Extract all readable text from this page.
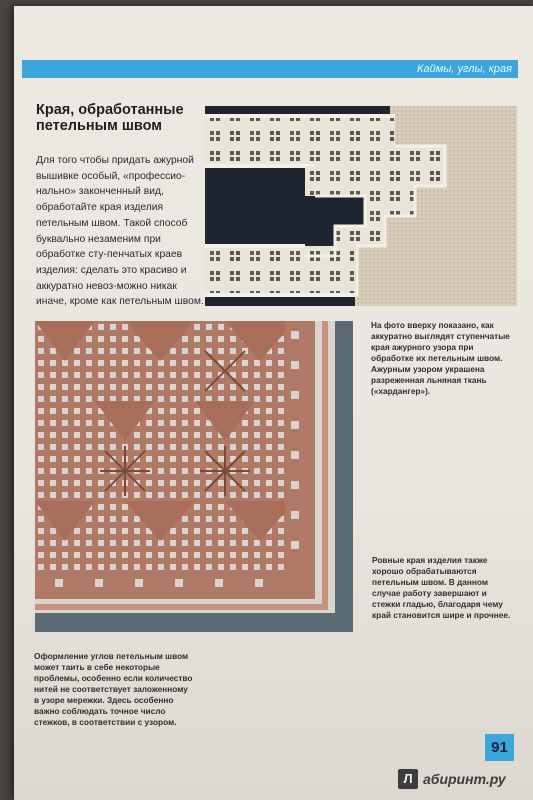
Каймы, углы, края
Края, обработанные петельным швом
Для того чтобы придать ажурной вышивке особый, «профессио-нально» законченный вид, обработайте края изделия петельным швом. Такой способ буквально незаменим при обработке сту-пенчатых краев изделия: сделать это красиво и аккуратно невоз-можно никак иначе, кроме как петельным швом.
На фото вверху показано, как аккуратно выглядят ступенчатые края ажурного узора при обработке их петельным швом. Ажурным узором украшена разреженная льняная ткань («хардангер»).
Ровные края изделия также хорошо обрабатываются петельным швом. В данном случае работу завершают и стежки гладью, благодаря чему край становится шире и прочнее.
Оформление углов петельным швом может таить в себе некоторые проблемы, особенно если количество нитей не соответствует заложенному в узоре мережки. Здесь особенно важно соблюдать точное число стежков, в соответствии с узором.
91
Л абиринт.ру
